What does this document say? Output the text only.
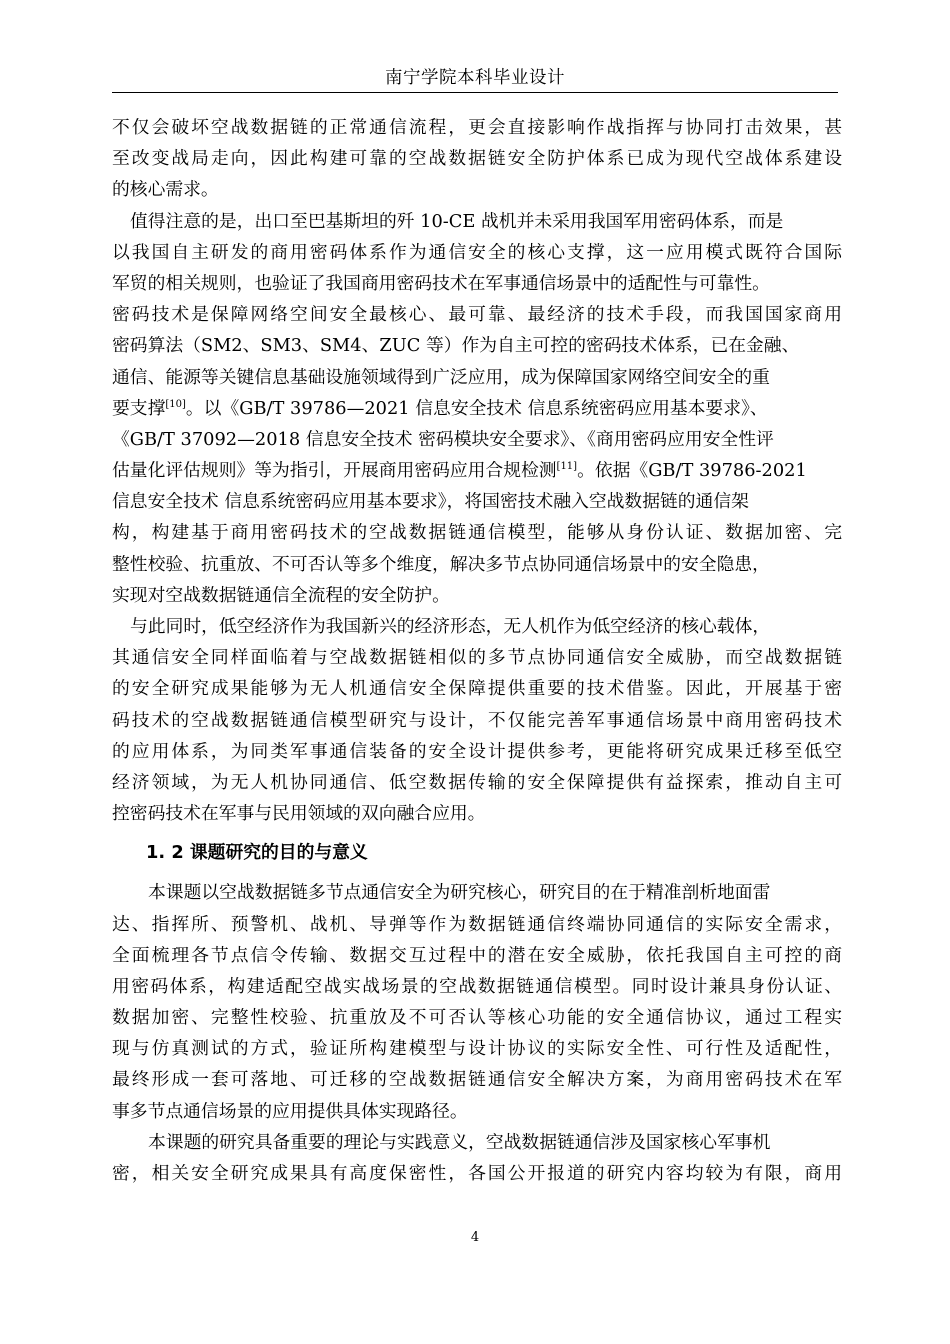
南宁学院本科毕业设计
不仅会破坏空战数据链的正常通信流程，更会直接影响作战指挥与协同打击效果，甚
至改变战局走向，因此构建可靠的空战数据链安全防护体系已成为现代空战体系建设
的核心需求。
值得注意的是，出口至巴基斯坦的歼 10-CE 战机并未采用我国军用密码体系，而是
以我国自主研发的商用密码体系作为通信安全的核心支撑，这一应用模式既符合国际
军贸的相关规则，也验证了我国商用密码技术在军事通信场景中的适配性与可靠性。
密码技术是保障网络空间安全最核心、最可靠、最经济的技术手段，而我国国家商用
密码算法（SM2、SM3、SM4、ZUC 等）作为自主可控的密码技术体系，已在金融、
通信、能源等关键信息基础设施领域得到广泛应用，成为保障国家网络空间安全的重
要支撑[10]。以《GB/T 39786—2021 信息安全技术 信息系统密码应用基本要求》、
《GB/T 37092—2018 信息安全技术 密码模块安全要求》、《商用密码应用安全性评
估量化评估规则》等为指引，开展商用密码应用合规检测[11]。依据《GB/T 39786-2021
信息安全技术 信息系统密码应用基本要求》，将国密技术融入空战数据链的通信架
构，构建基于商用密码技术的空战数据链通信模型，能够从身份认证、数据加密、完
整性校验、抗重放、不可否认等多个维度，解决多节点协同通信场景中的安全隐患，
实现对空战数据链通信全流程的安全防护。
与此同时，低空经济作为我国新兴的经济形态，无人机作为低空经济的核心载体，
其通信安全同样面临着与空战数据链相似的多节点协同通信安全威胁，而空战数据链
的安全研究成果能够为无人机通信安全保障提供重要的技术借鉴。因此，开展基于密
码技术的空战数据链通信模型研究与设计，不仅能完善军事通信场景中商用密码技术
的应用体系，为同类军事通信装备的安全设计提供参考，更能将研究成果迁移至低空
经济领域，为无人机协同通信、低空数据传输的安全保障提供有益探索，推动自主可
控密码技术在军事与民用领域的双向融合应用。
1. 2 课题研究的目的与意义
本课题以空战数据链多节点通信安全为研究核心，研究目的在于精准剖析地面雷
达、指挥所、预警机、战机、导弹等作为数据链通信终端协同通信的实际安全需求，
全面梳理各节点信令传输、数据交互过程中的潜在安全威胁，依托我国自主可控的商
用密码体系，构建适配空战实战场景的空战数据链通信模型。同时设计兼具身份认证、
数据加密、完整性校验、抗重放及不可否认等核心功能的安全通信协议，通过工程实
现与仿真测试的方式，验证所构建模型与设计协议的实际安全性、可行性及适配性，
最终形成一套可落地、可迁移的空战数据链通信安全解决方案，为商用密码技术在军
事多节点通信场景的应用提供具体实现路径。
本课题的研究具备重要的理论与实践意义，空战数据链通信涉及国家核心军事机
密，相关安全研究成果具有高度保密性，各国公开报道的研究内容均较为有限，商用
4
